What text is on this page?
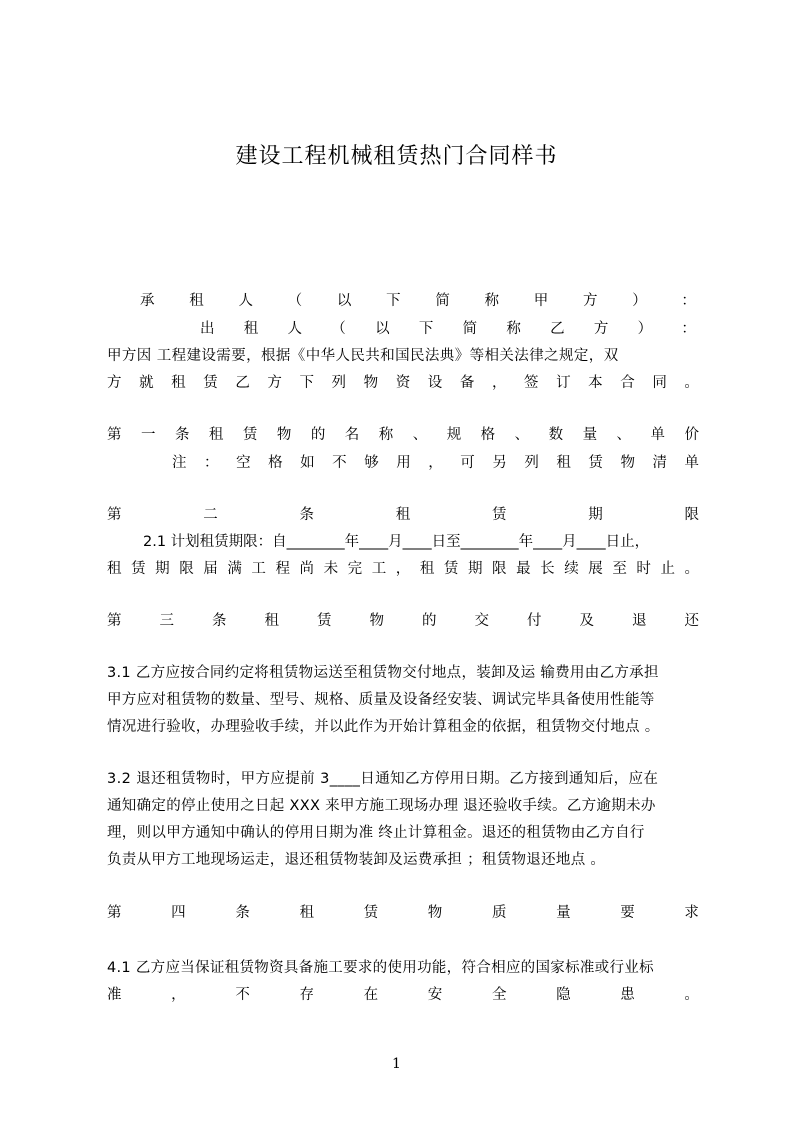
建设工程机械租赁热门合同样书
承 租 人 （ 以 下 简 称 甲 方 ） ：
出 租 人 （ 以 下 简 称 乙 方 ） ：
甲方因 工程建设需要，根据《中华人民共和国民法典》等相关法律之规定，双
方 就 租 赁 乙 方 下 列 物 资 设 备 ， 签 订 本 合 同 。
第 一 条 租 赁 物 的 名 称 、 规 格 、 数 量 、 单 价
注 ： 空 格 如 不 够 用 ， 可 另 列 租 赁 物 清 单
第	二	条	租	赁	期	限
2.1 计划租赁期限：自________年____月____日至________年____月____日止，
租 赁 期 限 届 满 工 程 尚 未 完 工 ， 租 赁 期 限 最 长 续 展 至 时 止 。
第	三	条	租	赁	物	的	交	付	及	退	还
3.1 乙方应按合同约定将租赁物运送至租赁物交付地点，装卸及运 输费用由乙方承担
甲方应对租赁物的数量、型号、规格、质量及设备经安装、调试完毕具备使用性能等
情况进行验收，办理验收手续，并以此作为开始计算租金的依据，租赁物交付地点 。
3.2 退还租赁物时，甲方应提前 3____日通知乙方停用日期。乙方接到通知后，应在
通知确定的停止使用之日起 XXX 来甲方施工现场办理 退还验收手续。乙方逾期未办
理，则以甲方通知中确认的停用日期为准 终止计算租金。退还的租赁物由乙方自行
负责从甲方工地现场运走，退还租赁物装卸及运费承担 ；租赁物退还地点 。
第	四	条	租	赁	物	质	量	要	求
4.1 乙方应当保证租赁物资具备施工要求的使用功能，符合相应的国家标准或行业标
准	，	不	存	在	安	全	隐	患	。
1
